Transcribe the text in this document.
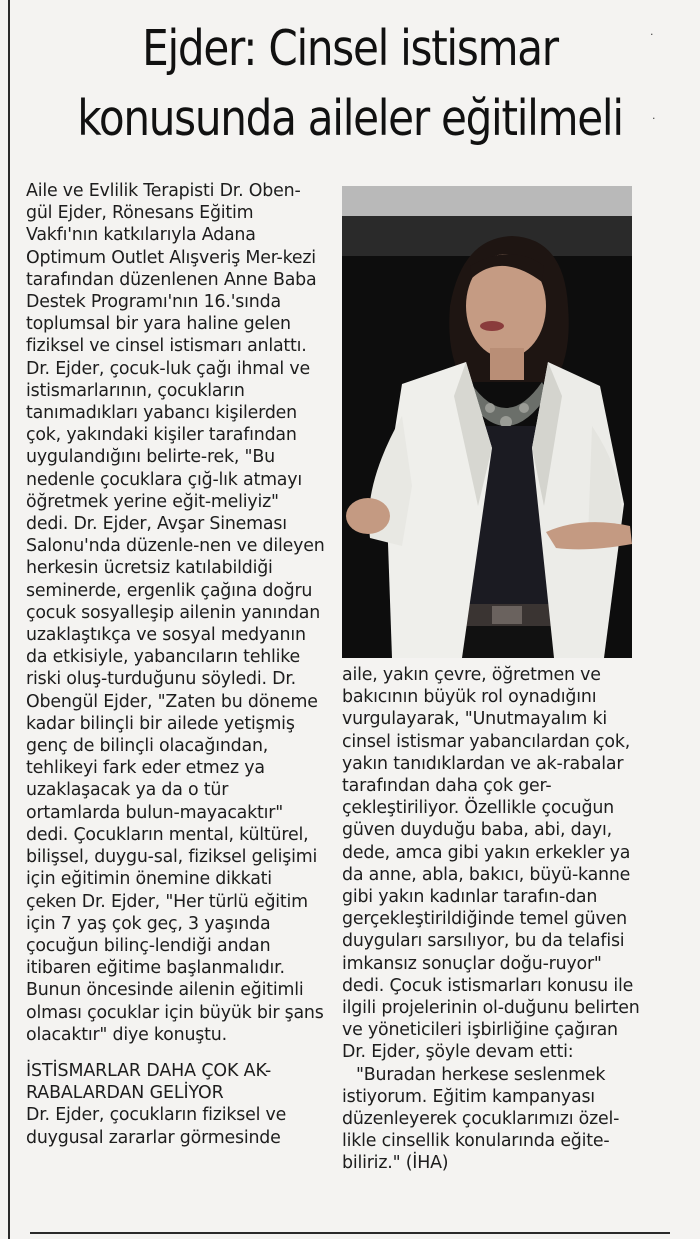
Ejder: Cinsel istismar
konusunda aileler eğitilmeli
·
·

Aile ve Evlilik Terapisti Dr. Oben-gül Ejder, Rönesans Eğitim Vakfı'nın katkılarıyla Adana Optimum Outlet Alışveriş Mer-kezi tarafından düzenlenen Anne Baba Destek Programı'nın 16.'sında toplumsal bir yara haline gelen fiziksel ve cinsel istismarı anlattı. Dr. Ejder, çocuk-luk çağı ihmal ve istismarlarının, çocukların tanımadıkları yabancı kişilerden çok, yakındaki kişiler tarafından uygulandığını belirte-rek, "Bu nedenle çocuklara çığ-lık atmayı öğretmek yerine eğit-meliyiz" dedi. Dr. Ejder, Avşar Sineması Salonu'nda düzenle-nen ve dileyen herkesin ücretsiz katılabildiği seminerde, ergenlik çağına doğru çocuk sosyalleşip ailenin yanından uzaklaştıkça ve sosyal medyanın da etkisiyle, yabancıların tehlike riski oluş-turduğunu söyledi. Dr. Obengül Ejder, "Zaten bu döneme kadar bilinçli bir ailede yetişmiş genç de bilinçli olacağından, tehlikeyi fark eder etmez ya uzaklaşacak ya da o tür ortamlarda bulun-mayacaktır" dedi. Çocukların mental, kültürel, bilişsel, duygu-sal, fiziksel gelişimi için eğitimin önemine dikkati çeken Dr. Ejder, "Her türlü eğitim için 7 yaş çok geç, 3 yaşında çocuğun bilinç-lendiği andan itibaren eğitime başlanmalıdır. Bunun öncesinde ailenin eğitimli olması çocuklar için büyük bir şans olacaktır" diye konuştu.

İSTİSMARLAR DAHA ÇOK AK-RABALARDAN GELİYOR

Dr. Ejder, çocukların fiziksel ve duygusal zararlar görmesinde

aile, yakın çevre, öğretmen ve bakıcının büyük rol oynadığını vurgulayarak, "Unutmayalım ki cinsel istismar yabancılardan çok, yakın tanıdıklardan ve ak-rabalar tarafından daha çok ger-çekleştiriliyor. Özellikle çocuğun güven duyduğu baba, abi, dayı, dede, amca gibi yakın erkekler ya da anne, abla, bakıcı, büyü-kanne gibi yakın kadınlar tarafın-dan gerçekleştirildiğinde temel güven duyguları sarsılıyor, bu da telafisi imkansız sonuçlar doğu-ruyor" dedi. Çocuk istismarları konusu ile ilgili projelerinin ol-duğunu belirten ve yöneticileri işbirliğine çağıran Dr. Ejder, şöyle devam etti:

"Buradan herkese seslenmek istiyorum. Eğitim kampanyası düzenleyerek çocuklarımızı özel-likle cinsellik konularında eğite-biliriz." (İHA)
